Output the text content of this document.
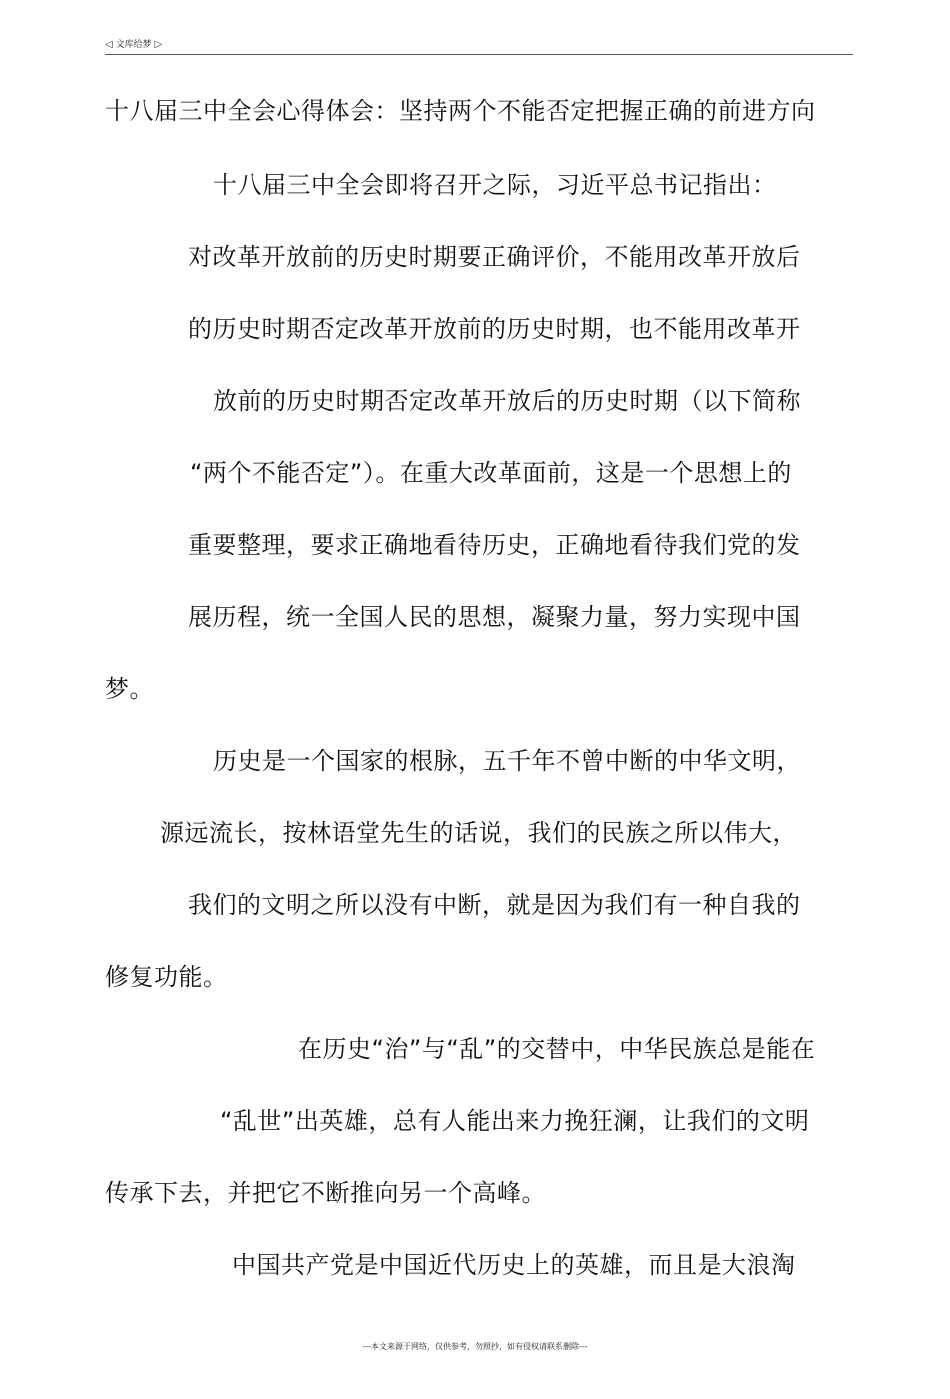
◁ 文库给梦 ▷
十八届三中全会心得体会：坚持两个不能否定把握正确的前进方向
十八届三中全会即将召开之际，习近平总书记指出：
对改革开放前的历史时期要正确评价，不能用改革开放后
的历史时期否定改革开放前的历史时期，也不能用改革开
放前的历史时期否定改革开放后的历史时期（以下简称
“两个不能否定”）。在重大改革面前，这是一个思想上的
重要整理，要求正确地看待历史，正确地看待我们党的发
展历程，统一全国人民的思想，凝聚力量，努力实现中国
梦。
历史是一个国家的根脉，五千年不曾中断的中华文明，
源远流长，按林语堂先生的话说，我们的民族之所以伟大，
我们的文明之所以没有中断，就是因为我们有一种自我的
修复功能。
在历史“治”与“乱”的交替中，中华民族总是能在
“乱世”出英雄，总有人能出来力挽狂澜，让我们的文明
传承下去，并把它不断推向另一个高峰。
中国共产党是中国近代历史上的英雄，而且是大浪淘
---本文来源于网络，仅供参考，勿照抄，如有侵权请联系删除---
